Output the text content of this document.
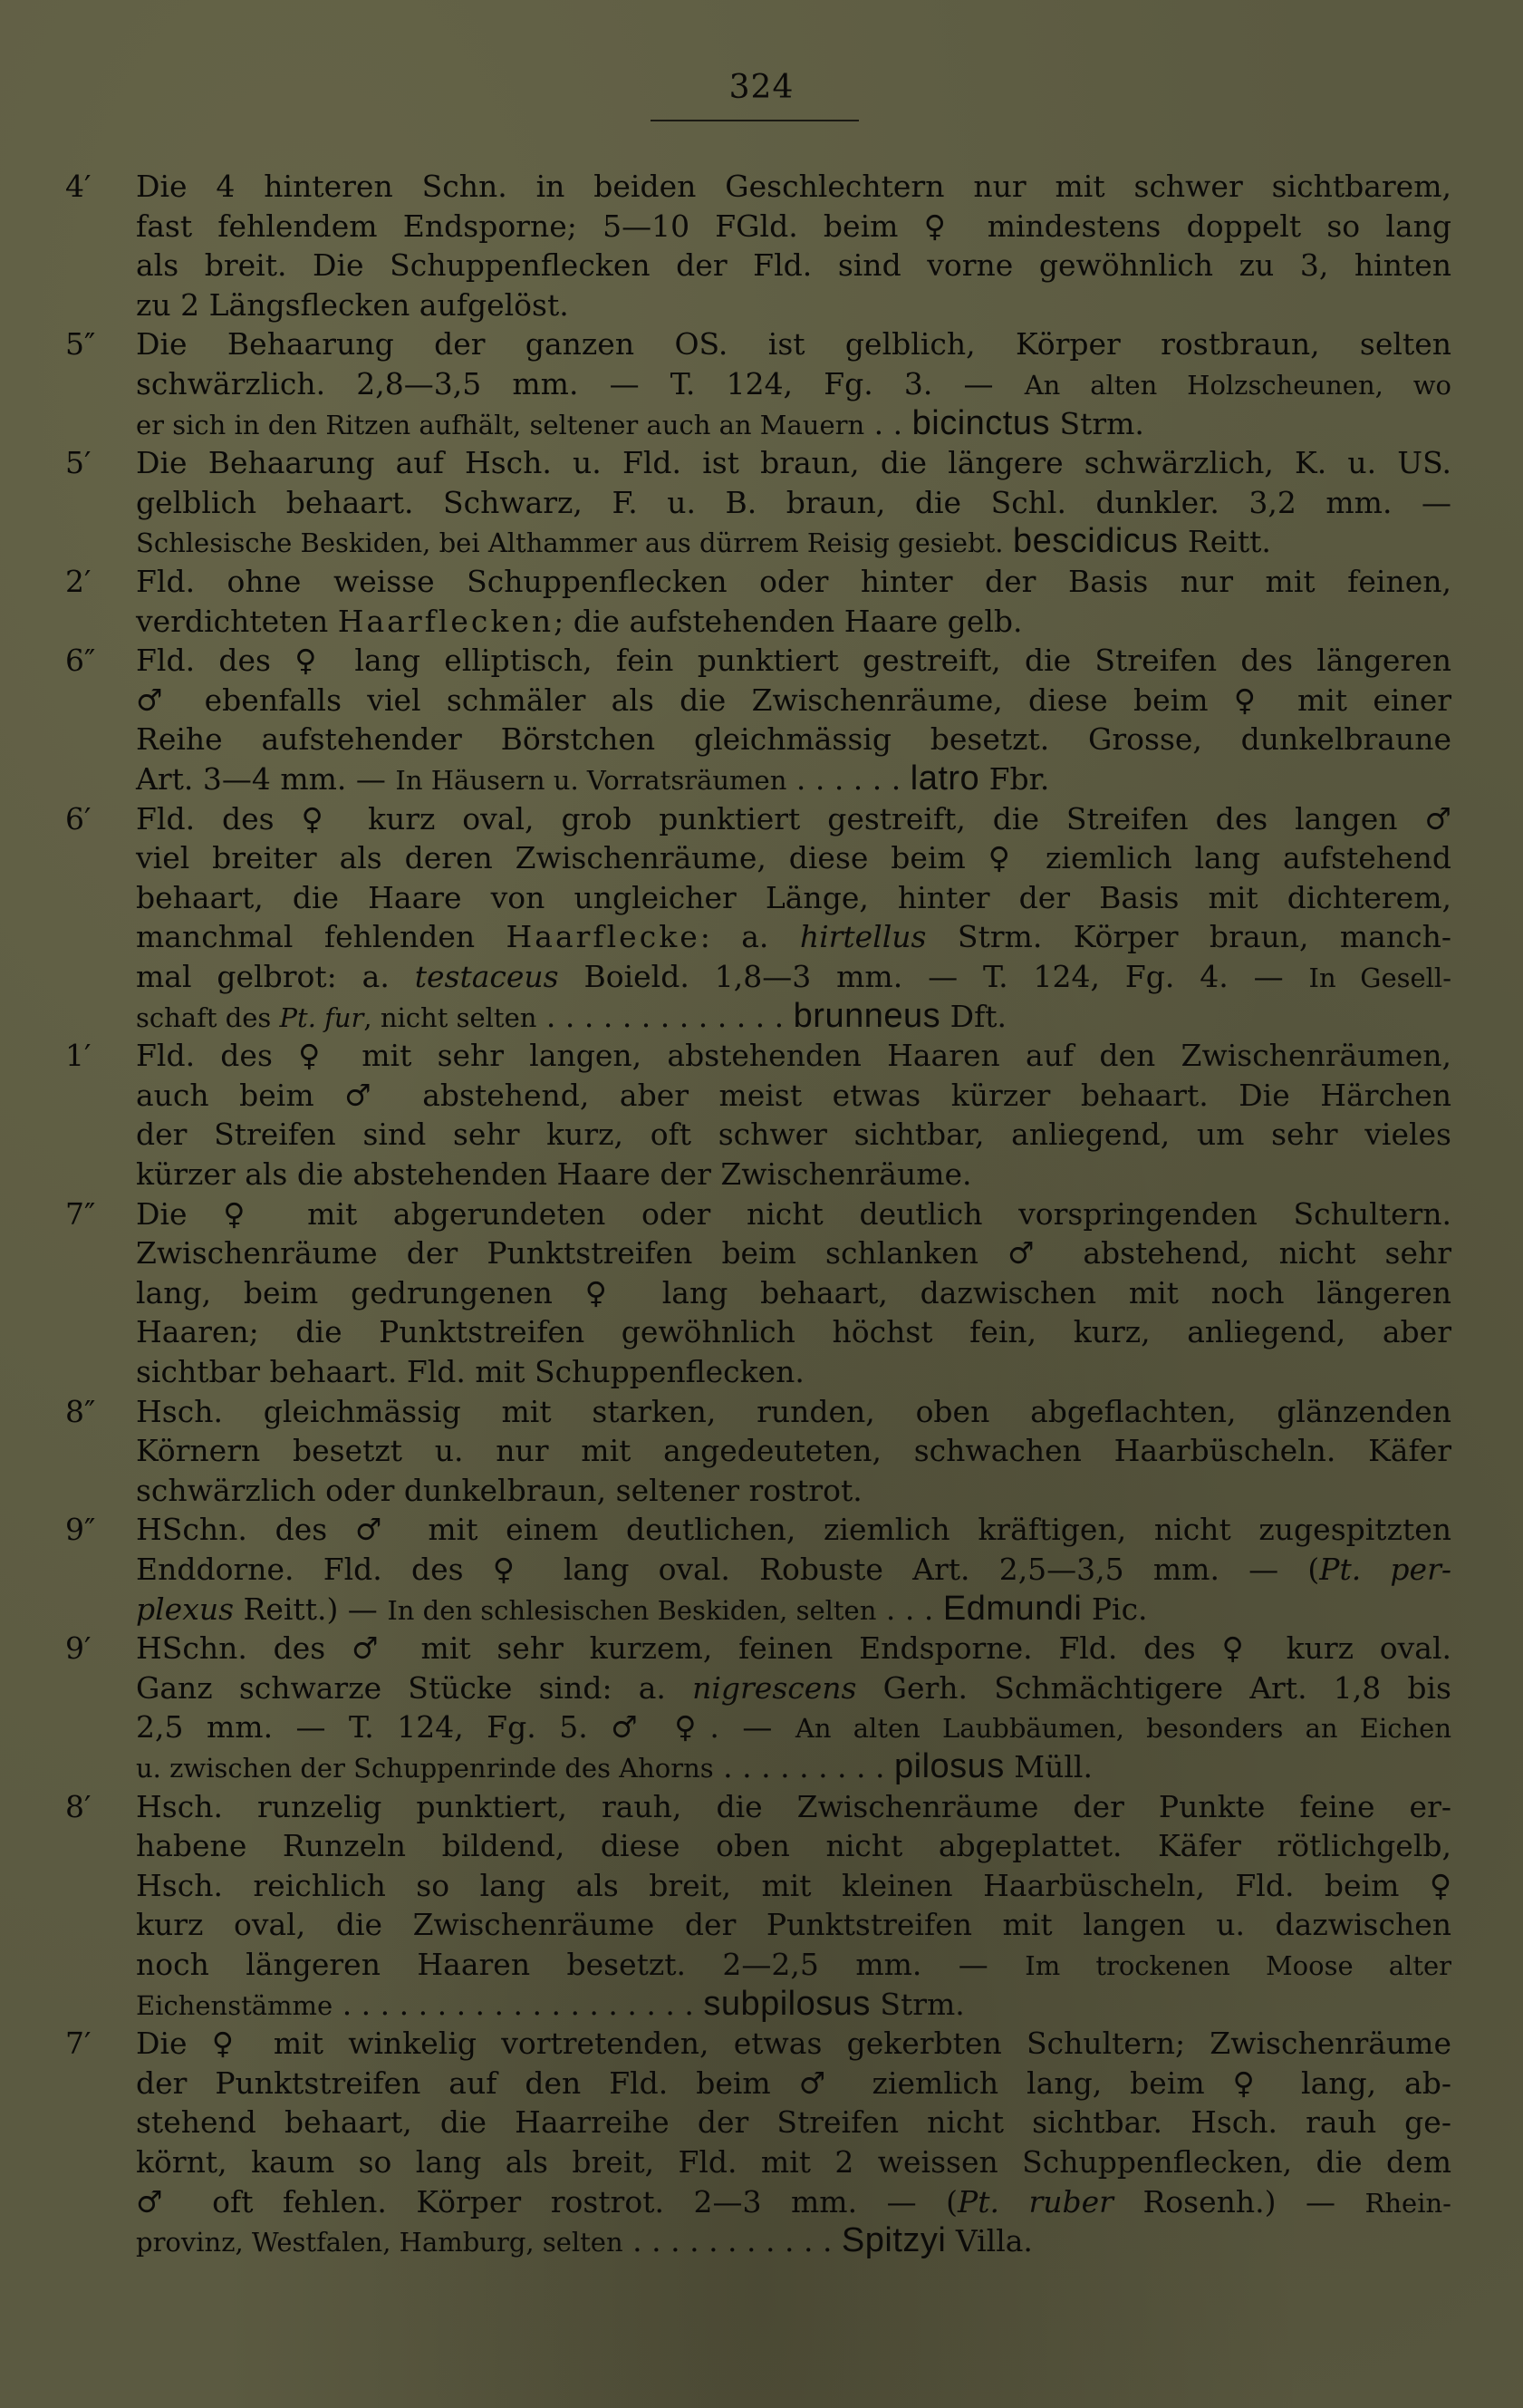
324
4′	Die 4 hinteren Schn. in beiden Geschlechtern nur mit schwer sichtbarem,
fast fehlendem Endsporne; 5—10 FGld. beim ♀ mindestens doppelt so lang
als breit. Die Schuppenflecken der Fld. sind vorne gewöhnlich zu 3, hinten
zu 2 Längsflecken aufgelöst.
5″	Die Behaarung der ganzen OS. ist gelblich, Körper rostbraun, selten
schwärzlich. 2,8—3,5 mm. — T. 124, Fg. 3. — An alten Holzscheunen, wo
er sich in den Ritzen aufhält, seltener auch an Mauern . . bicinctus Strm.
5′	Die Behaarung auf Hsch. u. Fld. ist braun, die längere schwärzlich, K. u. US.
gelblich behaart. Schwarz, F. u. B. braun, die Schl. dunkler. 3,2 mm. —
Schlesische Beskiden, bei Althammer aus dürrem Reisig gesiebt. bescidicus Reitt.
2′	Fld. ohne weisse Schuppenflecken oder hinter der Basis nur mit feinen,
verdichteten Haarflecken; die aufstehenden Haare gelb.
6″	Fld. des ♀ lang elliptisch, fein punktiert gestreift, die Streifen des längeren
♂ ebenfalls viel schmäler als die Zwischenräume, diese beim ♀ mit einer
Reihe aufstehender Börstchen gleichmässig besetzt. Grosse, dunkelbraune
Art. 3—4 mm. — In Häusern u. Vorratsräumen . . . . . . latro Fbr.
6′	Fld. des ♀ kurz oval, grob punktiert gestreift, die Streifen des langen ♂
viel breiter als deren Zwischenräume, diese beim ♀ ziemlich lang aufstehend
behaart, die Haare von ungleicher Länge, hinter der Basis mit dichterem,
manchmal fehlenden Haarflecke: a. hirtellus Strm. Körper braun, manch-
mal gelbrot: a. testaceus Boield. 1,8—3 mm. — T. 124, Fg. 4. — In Gesell-
schaft des Pt. fur, nicht selten . . . . . . . . . . . . . brunneus Dft.
1′	Fld. des ♀ mit sehr langen, abstehenden Haaren auf den Zwischenräumen,
auch beim ♂ abstehend, aber meist etwas kürzer behaart. Die Härchen
der Streifen sind sehr kurz, oft schwer sichtbar, anliegend, um sehr vieles
kürzer als die abstehenden Haare der Zwischenräume.
7″	Die ♀ mit abgerundeten oder nicht deutlich vorspringenden Schultern.
Zwischenräume der Punktstreifen beim schlanken ♂ abstehend, nicht sehr
lang, beim gedrungenen ♀ lang behaart, dazwischen mit noch längeren
Haaren; die Punktstreifen gewöhnlich höchst fein, kurz, anliegend, aber
sichtbar behaart. Fld. mit Schuppenflecken.
8″	Hsch. gleichmässig mit starken, runden, oben abgeflachten, glänzenden
Körnern besetzt u. nur mit angedeuteten, schwachen Haarbüscheln. Käfer
schwärzlich oder dunkelbraun, seltener rostrot.
9″	HSchn. des ♂ mit einem deutlichen, ziemlich kräftigen, nicht zugespitzten
Enddorne. Fld. des ♀ lang oval. Robuste Art. 2,5—3,5 mm. — (Pt. per-
plexus Reitt.) — In den schlesischen Beskiden, selten . . . Edmundi Pic.
9′	HSchn. des ♂ mit sehr kurzem, feinen Endsporne. Fld. des ♀ kurz oval.
Ganz schwarze Stücke sind: a. nigrescens Gerh. Schmächtigere Art. 1,8 bis
2,5 mm. — T. 124, Fg. 5. ♂ ♀. — An alten Laubbäumen, besonders an Eichen
u. zwischen der Schuppenrinde des Ahorns . . . . . . . . . pilosus Müll.
8′	Hsch. runzelig punktiert, rauh, die Zwischenräume der Punkte feine er-
habene Runzeln bildend, diese oben nicht abgeplattet. Käfer rötlichgelb,
Hsch. reichlich so lang als breit, mit kleinen Haarbüscheln, Fld. beim ♀
kurz oval, die Zwischenräume der Punktstreifen mit langen u. dazwischen
noch längeren Haaren besetzt. 2—2,5 mm. — Im trockenen Moose alter
Eichenstämme . . . . . . . . . . . . . . . . . . . subpilosus Strm.
7′	Die ♀ mit winkelig vortretenden, etwas gekerbten Schultern; Zwischenräume
der Punktstreifen auf den Fld. beim ♂ ziemlich lang, beim ♀ lang, ab-
stehend behaart, die Haarreihe der Streifen nicht sichtbar. Hsch. rauh ge-
körnt, kaum so lang als breit, Fld. mit 2 weissen Schuppenflecken, die dem
♂ oft fehlen. Körper rostrot. 2—3 mm. — (Pt. ruber Rosenh.) — Rhein-
provinz, Westfalen, Hamburg, selten . . . . . . . . . . . Spitzyi Villa.
